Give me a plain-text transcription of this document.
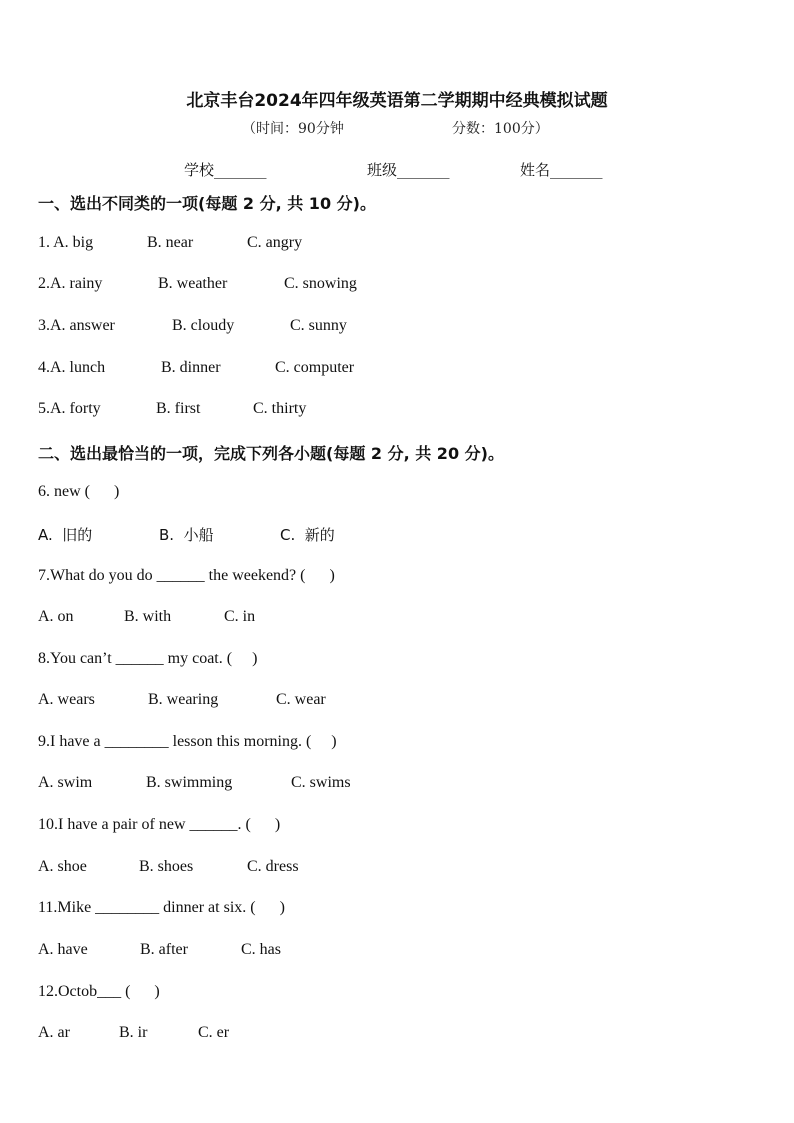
北京丰台2024年四年级英语第二学期期中经典模拟试题
（时间：90分钟	分数：100分）
学校_______	班级_______	姓名_______
一、选出不同类的一项(每题 2 分, 共 10 分)。
1. A. big	B. near	C. angry
2.A. rainy	B. weather	C. snowing
3.A. answer	B. cloudy	C. sunny
4.A. lunch	B. dinner	C. computer
5.A. forty	B. first	C. thirty
二、选出最恰当的一项，完成下列各小题(每题 2 分, 共 20 分)。
6. new (      )
A.  旧的	B.  小船	C.  新的
7.What do you do ______ the weekend? (      )
A. on	B. with	C. in
8.You can’t ______ my coat. (     )
A. wears	B. wearing	C. wear
9.I have a ________ lesson this morning. (     )
A. swim	B. swimming	C. swims
10.I have a pair of new ______. (      )
A. shoe	B. shoes	C. dress
11.Mike ________ dinner at six. (      )
A. have	B. after	C. has
12.Octob___ (      )
A. ar	B. ir	C. er
